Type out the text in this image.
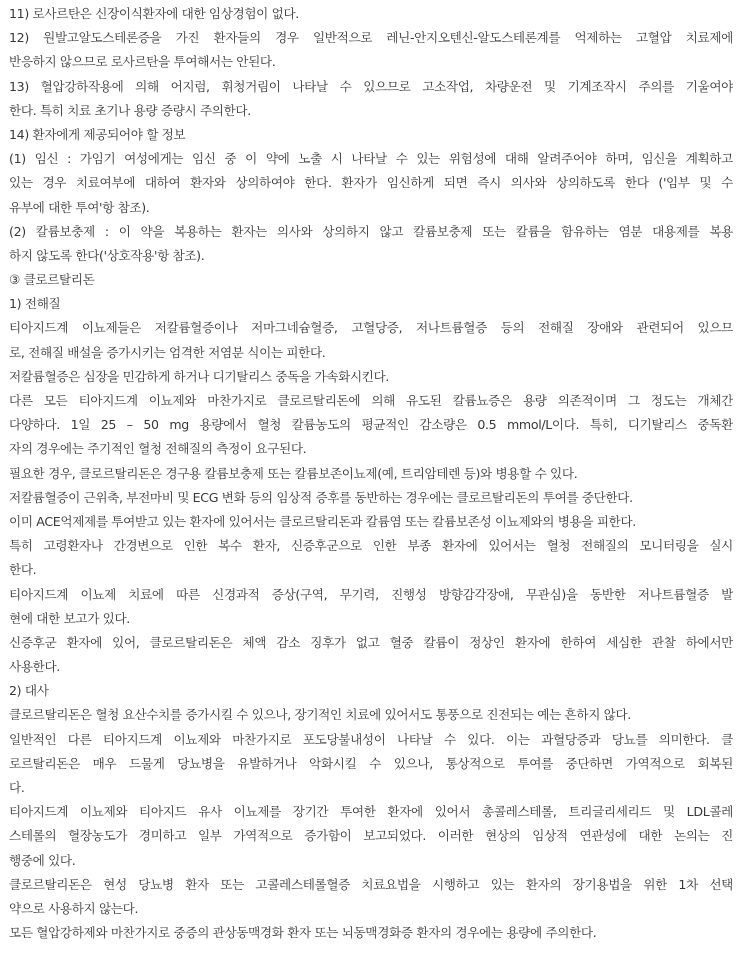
11) 로사르탄은 신장이식환자에 대한 임상경험이 없다.
12) 원발고알도스테론증을 가진 환자들의 경우 일반적으로 레닌-안지오텐신-알도스테론계를 억제하는 고혈압 치료제에
반응하지 않으므로 로사르탄을 투여해서는 안된다.
13) 혈압강하작용에 의해 어지럼, 휘청거림이 나타날 수 있으므로 고소작업, 차량운전 및 기계조작시 주의를 기울여야
한다. 특히 치료 초기나 용량 증량시 주의한다.
14) 환자에게 제공되어야 할 정보
(1) 임신 : 가임기 여성에게는 임신 중 이 약에 노출 시 나타날 수 있는 위험성에 대해 알려주어야 하며, 임신을 계획하고
있는 경우 치료여부에 대하여 환자와 상의하여야 한다. 환자가 임신하게 되면 즉시 의사와 상의하도록 한다 ('임부 및 수
유부에 대한 투여'항 참조).
(2) 칼륨보충제 : 이 약을 복용하는 환자는 의사와 상의하지 않고 칼륨보충제 또는 칼륨을 함유하는 염분 대용제를 복용
하지 않도록 한다('상호작용'항 참조).
③ 클로르탈리돈
1) 전해질
티아지드계 이뇨제들은 저칼륨혈증이나 저마그네슘혈증, 고혈당증, 저나트륨혈증 등의 전해질 장애와 관련되어 있으므
로, 전해질 배설을 증가시키는 엄격한 저염분 식이는 피한다.
저칼륨혈증은 심장을 민감하게 하거나 디기탈리스 중독을 가속화시킨다.
다른 모든 티아지드계 이뇨제와 마찬가지로 클로르탈리돈에 의해 유도된 칼륨뇨증은 용량 의존적이며 그 정도는 개체간
다양하다. 1일 25 – 50 mg 용량에서 혈청 칼륨농도의 평균적인 감소량은 0.5 mmol/L이다. 특히, 디기탈리스 중독환
자의 경우에는 주기적인 혈청 전해질의 측정이 요구된다.
필요한 경우, 클로르탈리돈은 경구용 칼륨보충제 또는 칼륨보존이뇨제(예, 트리암테렌 등)와 병용할 수 있다.
저칼륨혈증이 근위축, 부전마비 및 ECG 변화 등의 임상적 증후를 동반하는 경우에는 클로르탈리돈의 투여를 중단한다.
이미 ACE억제제를 투여받고 있는 환자에 있어서는 클로르탈리돈과 칼륨염 또는 칼륨보존성 이뇨제와의 병용을 피한다.
특히 고령환자나 간경변으로 인한 복수 환자, 신증후군으로 인한 부종 환자에 있어서는 혈청 전해질의 모니터링을 실시
한다.
티아지드계 이뇨제 치료에 따른 신경과적 증상(구역, 무기력, 진행성 방향감각장애, 무관심)을 동반한 저나트륨혈증 발
현에 대한 보고가 있다.
신증후군 환자에 있어, 클로르탈리돈은 체액 감소 징후가 없고 혈중 칼륨이 정상인 환자에 한하여 세심한 관찰 하에서만
사용한다.
2) 대사
클로르탈리돈은 혈청 요산수치를 증가시킬 수 있으나, 장기적인 치료에 있어서도 통풍으로 진전되는 예는 흔하지 않다.
일반적인 다른 티아지드계 이뇨제와 마찬가지로 포도당불내성이 나타날 수 있다. 이는 과혈당증과 당뇨를 의미한다. 클
로르탈리돈은 매우 드물게 당뇨병을 유발하거나 악화시킬 수 있으나, 통상적으로 투여를 중단하면 가역적으로 회복된
다.
티아지드계 이뇨제와 티아지드 유사 이뇨제를 장기간 투여한 환자에 있어서 총콜레스테롤, 트리글리세리드 및 LDL콜레
스테롤의 혈장농도가 경미하고 일부 가역적으로 증가함이 보고되었다. 이러한 현상의 임상적 연관성에 대한 논의는 진
행중에 있다.
클로르탈리돈은 현성 당뇨병 환자 또는 고콜레스테롤혈증 치료요법을 시행하고 있는 환자의 장기용법을 위한 1차 선택
약으로 사용하지 않는다.
모든 혈압강하제와 마찬가지로 중증의 관상동맥경화 환자 또는 뇌동맥경화증 환자의 경우에는 용량에 주의한다.
